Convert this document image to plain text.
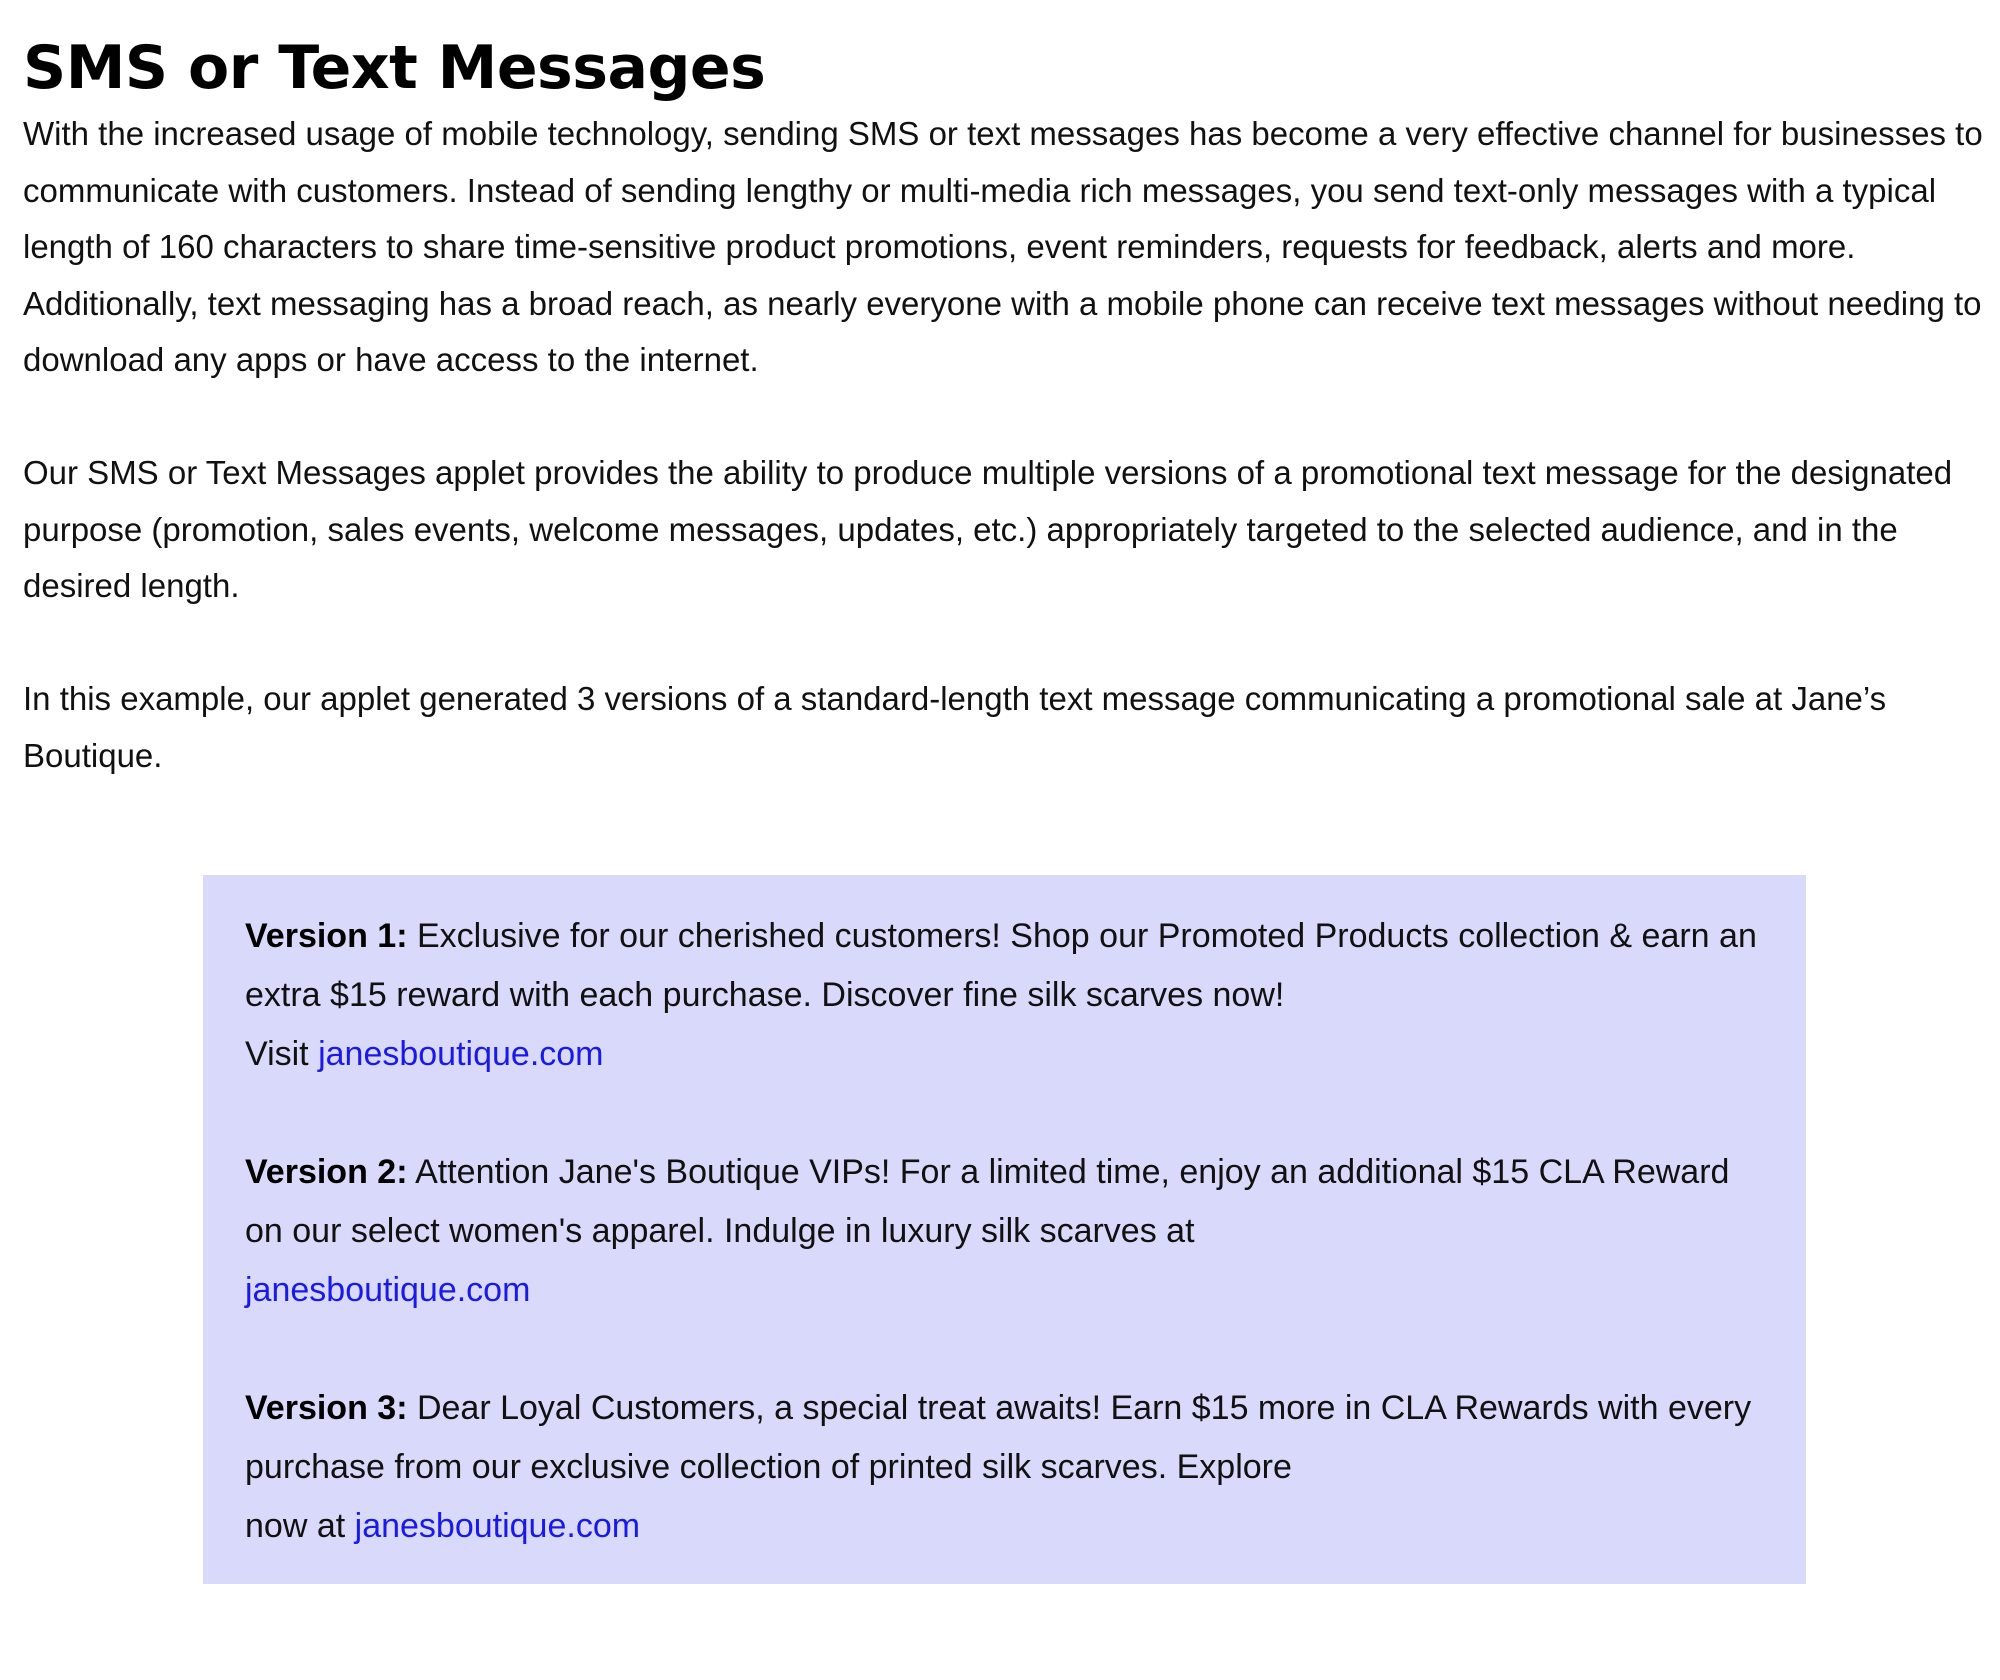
SMS or Text Messages

With the increased usage of mobile technology, sending SMS or text messages has become a very effective channel for businesses to communicate with customers. Instead of sending lengthy or multi-media rich messages, you send text-only messages with a typical length of 160 characters to share time-sensitive product promotions, event reminders, requests for feedback, alerts and more. Additionally, text messaging has a broad reach, as nearly everyone with a mobile phone can receive text messages without needing to download any apps or have access to the internet.

Our SMS or Text Messages applet provides the ability to produce multiple versions of a promotional text message for the designated purpose (promotion, sales events, welcome messages, updates, etc.) appropriately targeted to the selected audience, and in the desired length.

In this example, our applet generated 3 versions of a standard-length text message communicating a promotional sale at Jane’s Boutique.

Version 1: Exclusive for our cherished customers! Shop our Promoted Products collection & earn an extra $15 reward with each purchase. Discover fine silk scarves now!
Visit janesboutique.com

Version 2: Attention Jane's Boutique VIPs! For a limited time, enjoy an additional $15 CLA Reward on our select women's apparel. Indulge in luxury silk scarves at
janesboutique.com

Version 3: Dear Loyal Customers, a special treat awaits! Earn $15 more in CLA Rewards with every purchase from our exclusive collection of printed silk scarves. Explore
now at janesboutique.com
